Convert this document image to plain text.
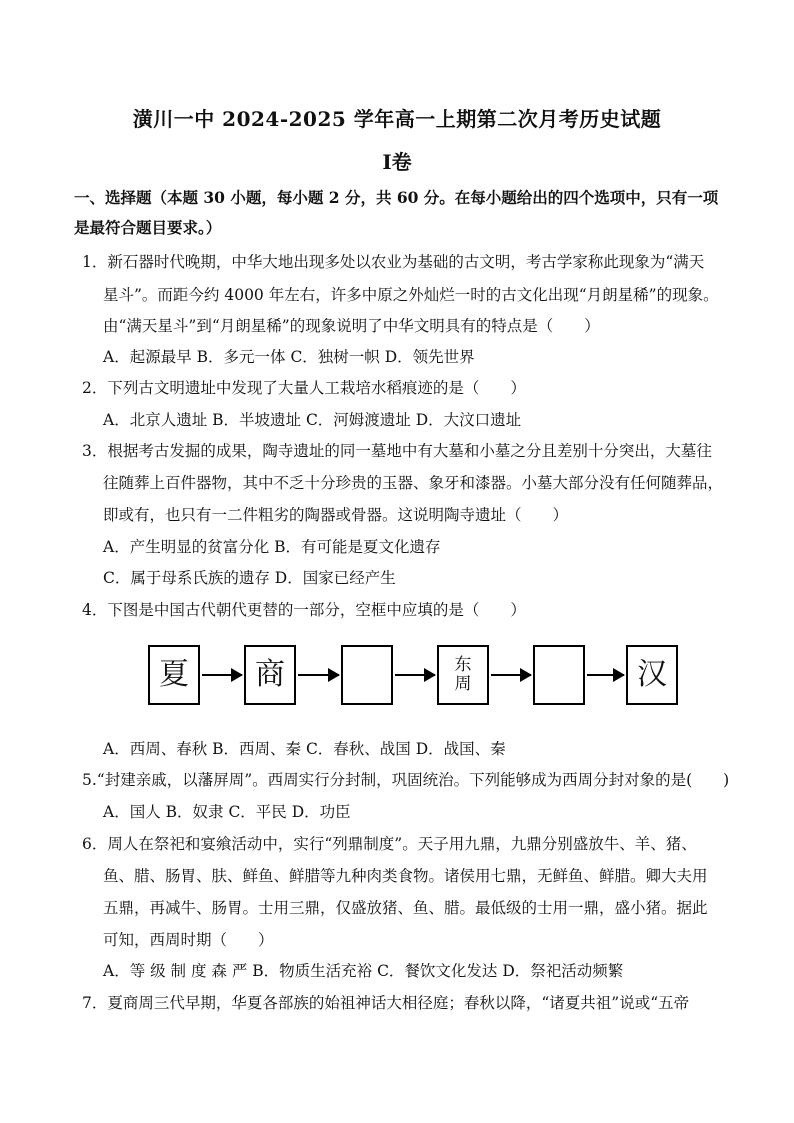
潢川一中 2024-2025 学年高一上期第二次月考历史试题
Ⅰ卷
一、选择题（本题 30 小题，每小题 2 分，共 60 分。在每小题给出的四个选项中，只有一项
是最符合题目要求。）
1．新石器时代晚期，中华大地出现多处以农业为基础的古文明，考古学家称此现象为“满天
星斗”。而距今约 4000 年左右，许多中原之外灿烂一时的古文化出现“月朗星稀”的现象。
由“满天星斗”到“月朗星稀”的现象说明了中华文明具有的特点是（　　）
A．起源最早 B．多元一体 C．独树一帜 D．领先世界
2．下列古文明遗址中发现了大量人工栽培水稻痕迹的是（　　）
A．北京人遗址 B．半坡遗址 C．河姆渡遗址 D．大汶口遗址
3．根据考古发掘的成果，陶寺遗址的同一墓地中有大墓和小墓之分且差别十分突出，大墓往
往随葬上百件器物，其中不乏十分珍贵的玉器、象牙和漆器。小墓大部分没有任何随葬品，
即或有，也只有一二件粗劣的陶器或骨器。这说明陶寺遗址（　　）
A．产生明显的贫富分化 B．有可能是夏文化遗存
C．属于母系氏族的遗存 D．国家已经产生
4．下图是中国古代朝代更替的一部分，空框中应填的是（　　）
夏	商	东
周	汉
A．西周、春秋 B．西周、秦 C．春秋、战国 D．战国、秦
5.“封建亲戚，以藩屏周”。西周实行分封制，巩固统治。下列能够成为西周分封对象的是(　　)
A．国人 B．奴隶 C．平民 D．功臣
6．周人在祭祀和宴飨活动中，实行“列鼎制度”。天子用九鼎，九鼎分别盛放牛、羊、猪、
鱼、腊、肠胃、肤、鲜鱼、鲜腊等九种肉类食物。诸侯用七鼎，无鲜鱼、鲜腊。卿大夫用
五鼎，再减牛、肠胃。士用三鼎，仅盛放猪、鱼、腊。最低级的士用一鼎，盛小猪。据此
可知，西周时期（　　）
A．等 级 制 度 森 严 B．物质生活充裕 C．餐饮文化发达 D．祭祀活动频繁
7．夏商周三代早期，华夏各部族的始祖神话大相径庭；春秋以降，“诸夏共祖”说或“五帝
